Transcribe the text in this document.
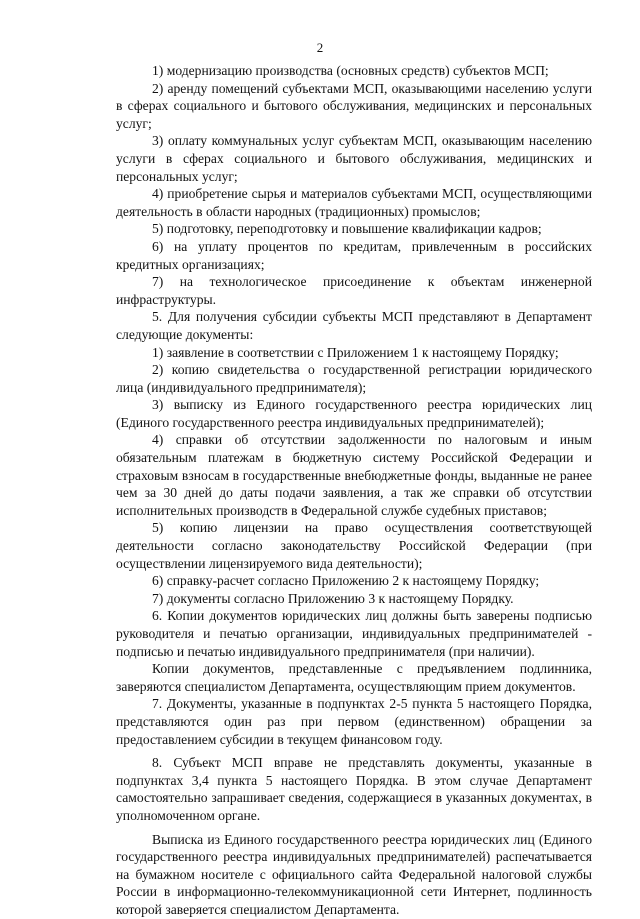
2

1) модернизацию производства (основных средств) субъектов МСП;

2) аренду помещений субъектами МСП, оказывающими населению услуги в сферах социального и бытового обслуживания, медицинских и персональных услуг;

3) оплату коммунальных услуг субъектам МСП, оказывающим населению услуги в сферах социального и бытового обслуживания, медицинских и персональных услуг;

4) приобретение сырья и материалов субъектами МСП, осуществляющими деятельность в области народных (традиционных) промыслов;

5) подготовку, переподготовку и повышение квалификации кадров;

6) на уплату процентов по кредитам, привлеченным в российских кредитных организациях;

7) на технологическое присоединение к объектам инженерной инфраструктуры.

5. Для получения субсидии субъекты МСП представляют в Департамент следующие документы:

1) заявление в соответствии с Приложением 1 к настоящему Порядку;

2) копию свидетельства о государственной регистрации юридического лица (индивидуального предпринимателя);

3) выписку из Единого государственного реестра юридических лиц (Единого государственного реестра индивидуальных предпринимателей);

4) справки об отсутствии задолженности по налоговым и иным обязательным платежам в бюджетную систему Российской Федерации и страховым взносам в государственные внебюджетные фонды, выданные не ранее чем за 30 дней до даты подачи заявления, а так же справки об отсутствии исполнительных производств в Федеральной службе судебных приставов;

5) копию лицензии на право осуществления соответствующей деятельности согласно законодательству Российской Федерации (при осуществлении лицензируемого вида деятельности);

6) справку-расчет согласно Приложению 2 к настоящему Порядку;

7) документы согласно Приложению 3 к настоящему Порядку.

6. Копии документов юридических лиц должны быть заверены подписью руководителя и печатью организации, индивидуальных предпринимателей - подписью и печатью индивидуального предпринимателя (при наличии).

Копии документов, представленные с предъявлением подлинника, заверяются специалистом Департамента, осуществляющим прием документов.

7. Документы, указанные в подпунктах 2-5 пункта 5 настоящего Порядка, представляются один раз при первом (единственном) обращении за предоставлением субсидии в текущем финансовом году.

8. Субъект МСП вправе не представлять документы, указанные в подпунктах 3,4 пункта 5 настоящего Порядка. В этом случае Департамент самостоятельно запрашивает сведения, содержащиеся в указанных документах, в уполномоченном органе.

Выписка из Единого государственного реестра юридических лиц (Единого государственного реестра индивидуальных предпринимателей) распечатывается на бумажном носителе с официального сайта Федеральной налоговой службы России в информационно-телекоммуникационной сети Интернет, подлинность которой заверяется специалистом Департамента.
